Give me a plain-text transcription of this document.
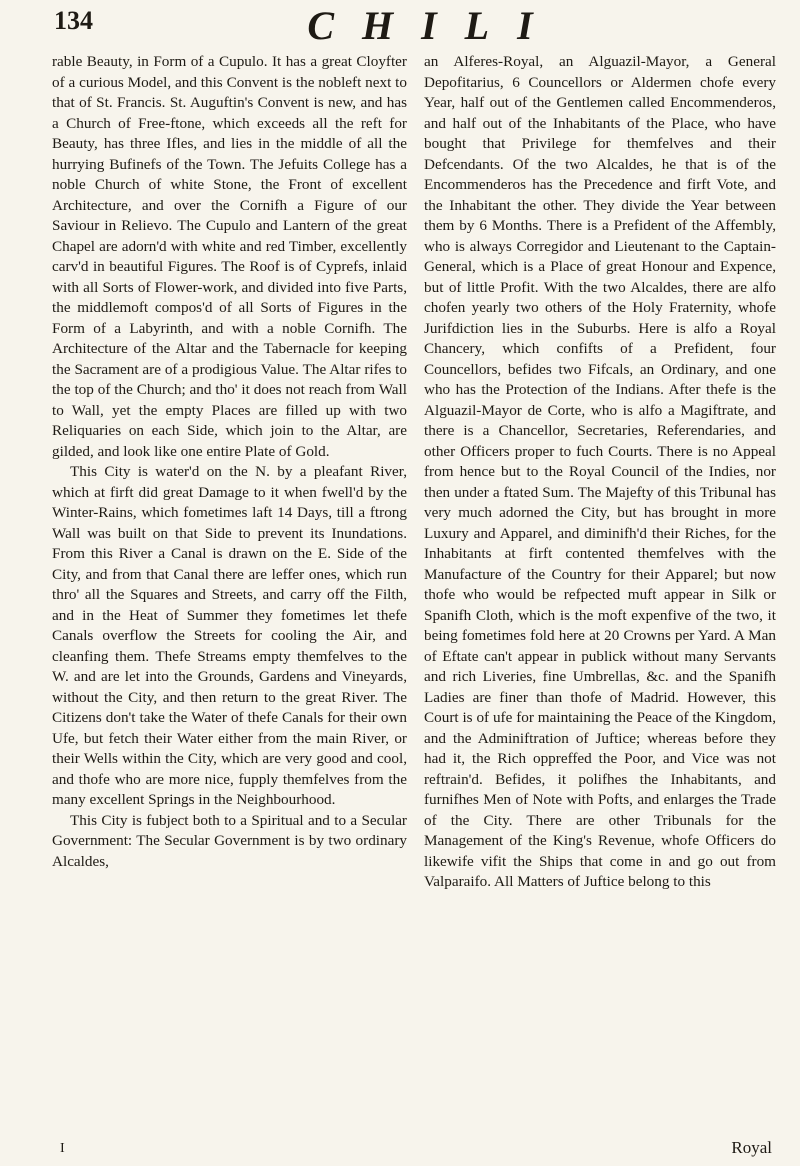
134	CHILI

rable Beauty, in Form of a Cupulo. It has a great Cloyfter of a curious Model, and this Convent is the nobleft next to that of St. Francis. St. Auguftin's Convent is new, and has a Church of Free-ftone, which exceeds all the reft for Beauty, has three Ifles, and lies in the middle of all the hurrying Bufinefs of the Town. The Jefuits College has a noble Church of white Stone, the Front of excellent Architecture, and over the Cornifh a Figure of our Saviour in Relievo. The Cupulo and Lantern of the great Chapel are adorn'd with white and red Timber, excellently carv'd in beautiful Figures. The Roof is of Cyprefs, inlaid with all Sorts of Flower-work, and divided into five Parts, the middlemoft compos'd of all Sorts of Figures in the Form of a Labyrinth, and with a noble Cornifh. The Architecture of the Altar and the Tabernacle for keeping the Sacrament are of a prodigious Value. The Altar rifes to the top of the Church; and tho' it does not reach from Wall to Wall, yet the empty Places are filled up with two Reliquaries on each Side, which join to the Altar, are gilded, and look like one entire Plate of Gold.

This City is water'd on the N. by a pleafant River, which at firft did great Damage to it when fwell'd by the Winter-Rains, which fometimes laft 14 Days, till a ftrong Wall was built on that Side to prevent its Inundations. From this River a Canal is drawn on the E. Side of the City, and from that Canal there are leffer ones, which run thro' all the Squares and Streets, and carry off the Filth, and in the Heat of Summer they fometimes let thefe Canals overflow the Streets for cooling the Air, and cleanfing them. Thefe Streams empty themfelves to the W. and are let into the Grounds, Gardens and Vineyards, without the City, and then return to the great River. The Citizens don't take the Water of thefe Canals for their own Ufe, but fetch their Water either from the main River, or their Wells within the City, which are very good and cool, and thofe who are more nice, fupply themfelves from the many excellent Springs in the Neighbourhood.

This City is fubject both to a Spiritual and to a Secular Government: The Secular Government is by two ordinary Alcaldes,

an Alferes-Royal, an Alguazil-Mayor, a General Depofitarius, 6 Councellors or Aldermen chofe every Year, half out of the Gentlemen called Encommenderos, and half out of the Inhabitants of the Place, who have bought that Privilege for themfelves and their Defcendants. Of the two Alcaldes, he that is of the Encommenderos has the Precedence and firft Vote, and the Inhabitant the other. They divide the Year between them by 6 Months. There is a Prefident of the Affembly, who is always Corregidor and Lieutenant to the Captain-General, which is a Place of great Honour and Expence, but of little Profit. With the two Alcaldes, there are alfo chofen yearly two others of the Holy Fraternity, whofe Jurifdiction lies in the Suburbs. Here is alfo a Royal Chancery, which confifts of a Prefident, four Councellors, befides two Fifcals, an Ordinary, and one who has the Protection of the Indians. After thefe is the Alguazil-Mayor de Corte, who is alfo a Magiftrate, and there is a Chancellor, Secretaries, Referendaries, and other Officers proper to fuch Courts. There is no Appeal from hence but to the Royal Council of the Indies, nor then under a ftated Sum. The Majefty of this Tribunal has very much adorned the City, but has brought in more Luxury and Apparel, and diminifh'd their Riches, for the Inhabitants at firft contented themfelves with the Manufacture of the Country for their Apparel; but now thofe who would be refpected muft appear in Silk or Spanifh Cloth, which is the moft expenfive of the two, it being fometimes fold here at 20 Crowns per Yard. A Man of Eftate can't appear in publick without many Servants and rich Liveries, fine Umbrellas, &c. and the Spanifh Ladies are finer than thofe of Madrid. However, this Court is of ufe for maintaining the Peace of the Kingdom, and the Adminiftration of Juftice; whereas before they had it, the Rich oppreffed the Poor, and Vice was not reftrain'd. Befides, it polifhes the Inhabitants, and furnifhes Men of Note with Pofts, and enlarges the Trade of the City. There are other Tribunals for the Management of the King's Revenue, whofe Officers do likewife vifit the Ships that come in and go out from Valparaifo. All Matters of Juftice belong to this

I	Royal
